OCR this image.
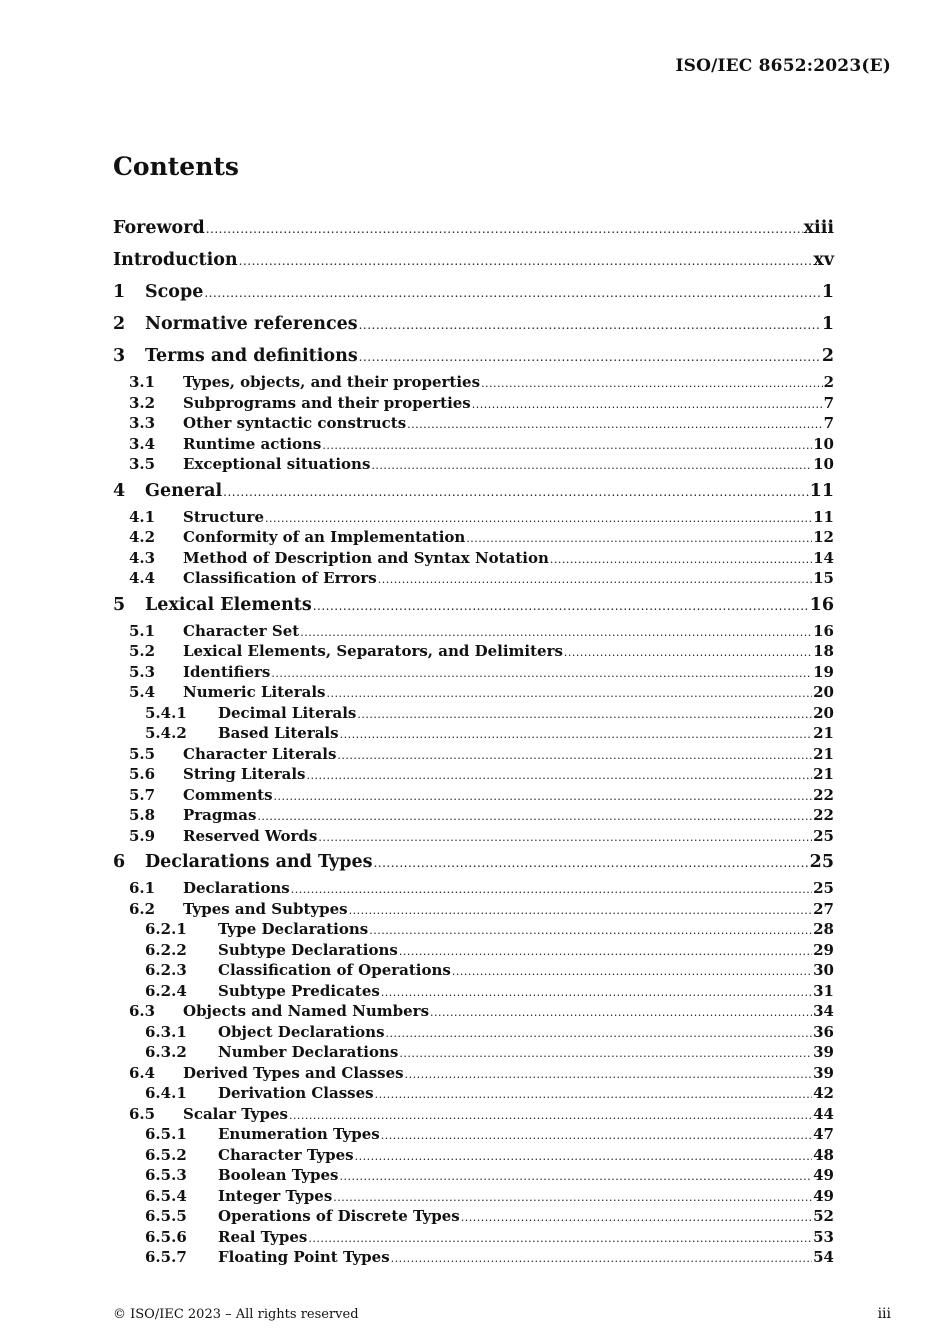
ISO/IEC 8652:2023(E)
Contents
Foreword .....	xiii
Introduction .....	xv
1	Scope .....	1
2	Normative references .....	1
3	Terms and definitions .....	2
3.1	Types, objects, and their properties .....	2
3.2	Subprograms and their properties .....	7
3.3	Other syntactic constructs .....	7
3.4	Runtime actions .....	10
3.5	Exceptional situations .....	10
4	General .....	11
4.1	Structure .....	11
4.2	Conformity of an Implementation .....	12
4.3	Method of Description and Syntax Notation .....	14
4.4	Classification of Errors .....	15
5	Lexical Elements .....	16
5.1	Character Set .....	16
5.2	Lexical Elements, Separators, and Delimiters .....	18
5.3	Identifiers .....	19
5.4	Numeric Literals .....	20
5.4.1	Decimal Literals .....	20
5.4.2	Based Literals .....	21
5.5	Character Literals .....	21
5.6	String Literals .....	21
5.7	Comments .....	22
5.8	Pragmas .....	22
5.9	Reserved Words .....	25
6	Declarations and Types .....	25
6.1	Declarations .....	25
6.2	Types and Subtypes .....	27
6.2.1	Type Declarations .....	28
6.2.2	Subtype Declarations .....	29
6.2.3	Classification of Operations .....	30
6.2.4	Subtype Predicates .....	31
6.3	Objects and Named Numbers .....	34
6.3.1	Object Declarations .....	36
6.3.2	Number Declarations .....	39
6.4	Derived Types and Classes .....	39
6.4.1	Derivation Classes .....	42
6.5	Scalar Types .....	44
6.5.1	Enumeration Types .....	47
6.5.2	Character Types .....	48
6.5.3	Boolean Types .....	49
6.5.4	Integer Types .....	49
6.5.5	Operations of Discrete Types .....	52
6.5.6	Real Types .....	53
6.5.7	Floating Point Types .....	54
© ISO/IEC 2023 – All rights reserved	iii
